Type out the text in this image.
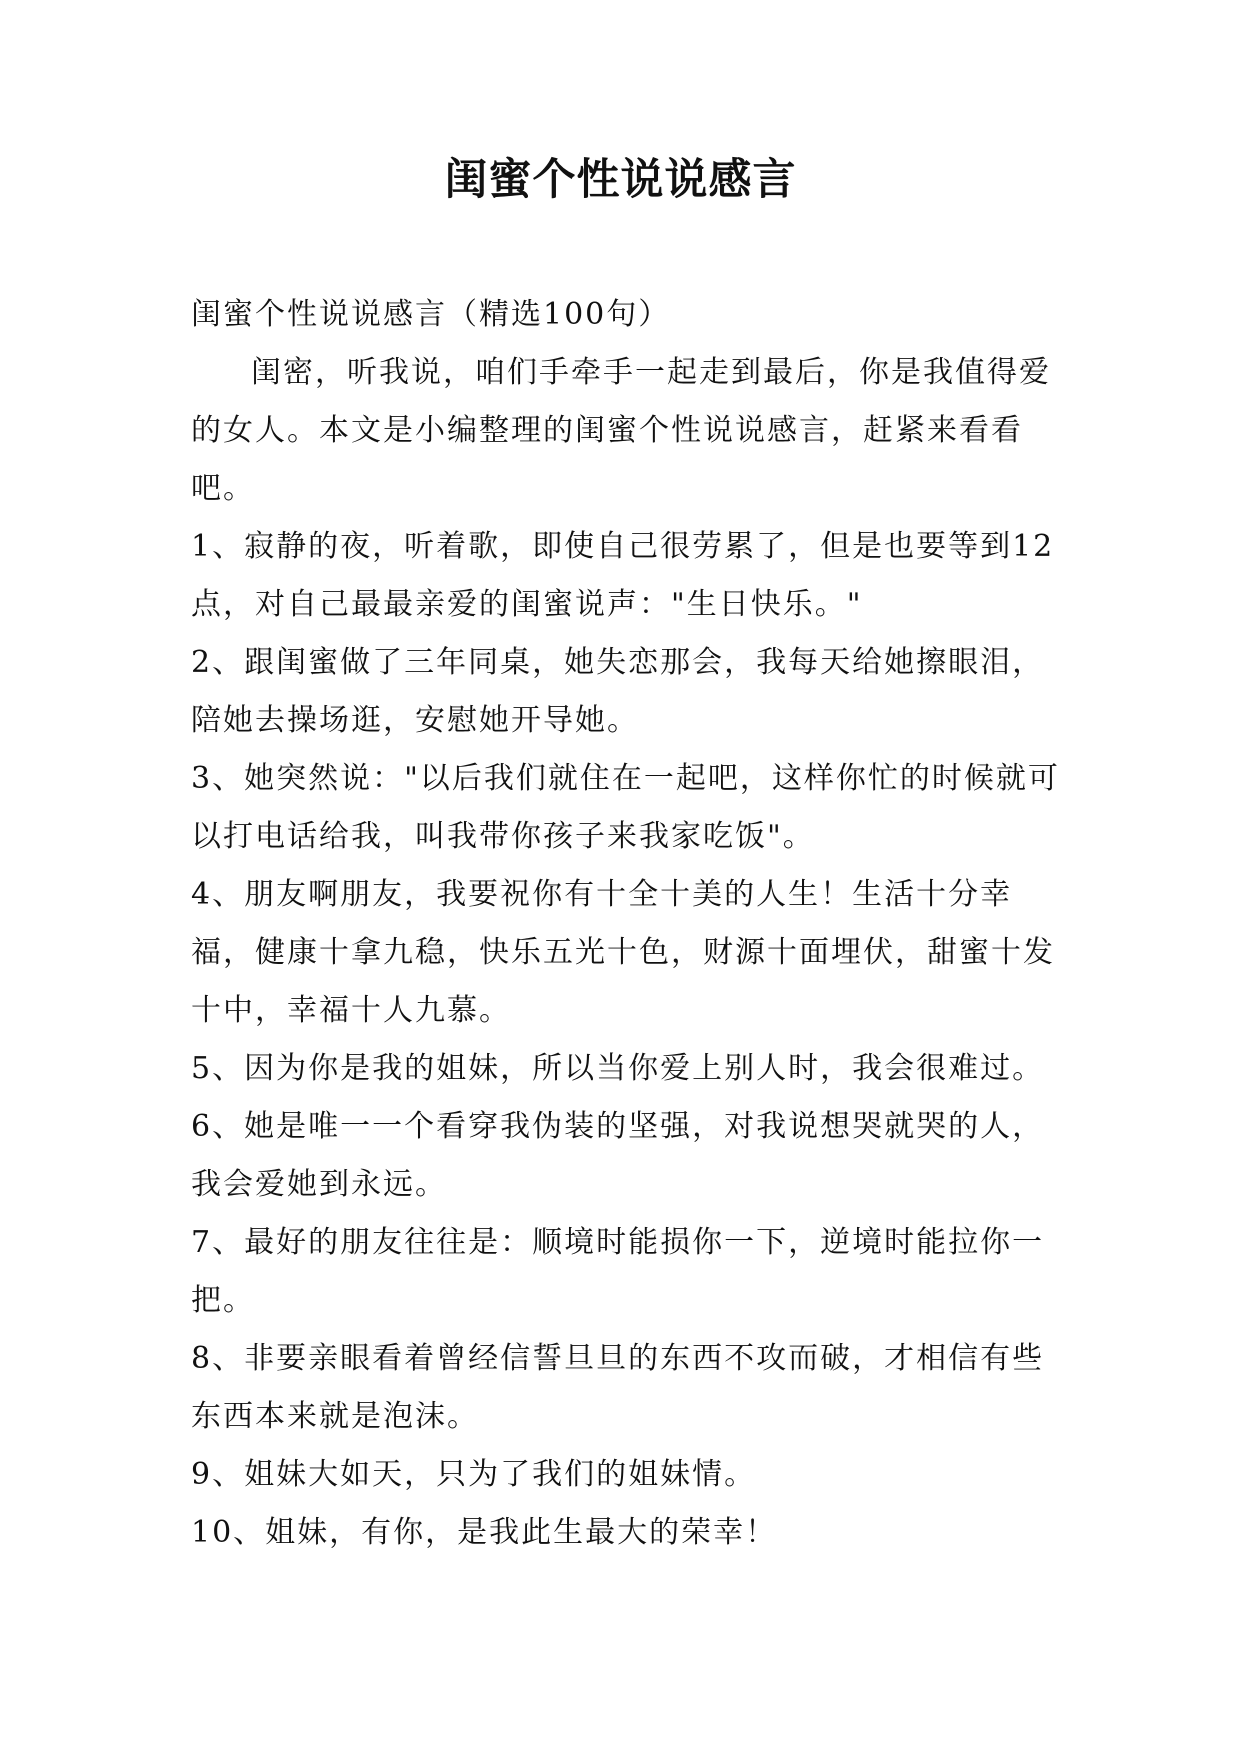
闺蜜个性说说感言

闺蜜个性说说感言（精选100句）

闺密，听我说，咱们手牵手一起走到最后，你是我值得爱的女人。本文是小编整理的闺蜜个性说说感言，赶紧来看看吧。

1、寂静的夜，听着歌，即使自己很劳累了，但是也要等到12点，对自己最最亲爱的闺蜜说声："生日快乐。"

2、跟闺蜜做了三年同桌，她失恋那会，我每天给她擦眼泪，陪她去操场逛，安慰她开导她。

3、她突然说："以后我们就住在一起吧，这样你忙的时候就可以打电话给我，叫我带你孩子来我家吃饭"。

4、朋友啊朋友，我要祝你有十全十美的人生！生活十分幸福，健康十拿九稳，快乐五光十色，财源十面埋伏，甜蜜十发十中，幸福十人九慕。

5、因为你是我的姐妹，所以当你爱上别人时，我会很难过。

6、她是唯一一个看穿我伪装的坚强，对我说想哭就哭的人，我会爱她到永远。

7、最好的朋友往往是：顺境时能损你一下，逆境时能拉你一把。

8、非要亲眼看着曾经信誓旦旦的东西不攻而破，才相信有些东西本来就是泡沫。

9、姐妹大如天，只为了我们的姐妹情。

10、姐妹，有你，是我此生最大的荣幸！
